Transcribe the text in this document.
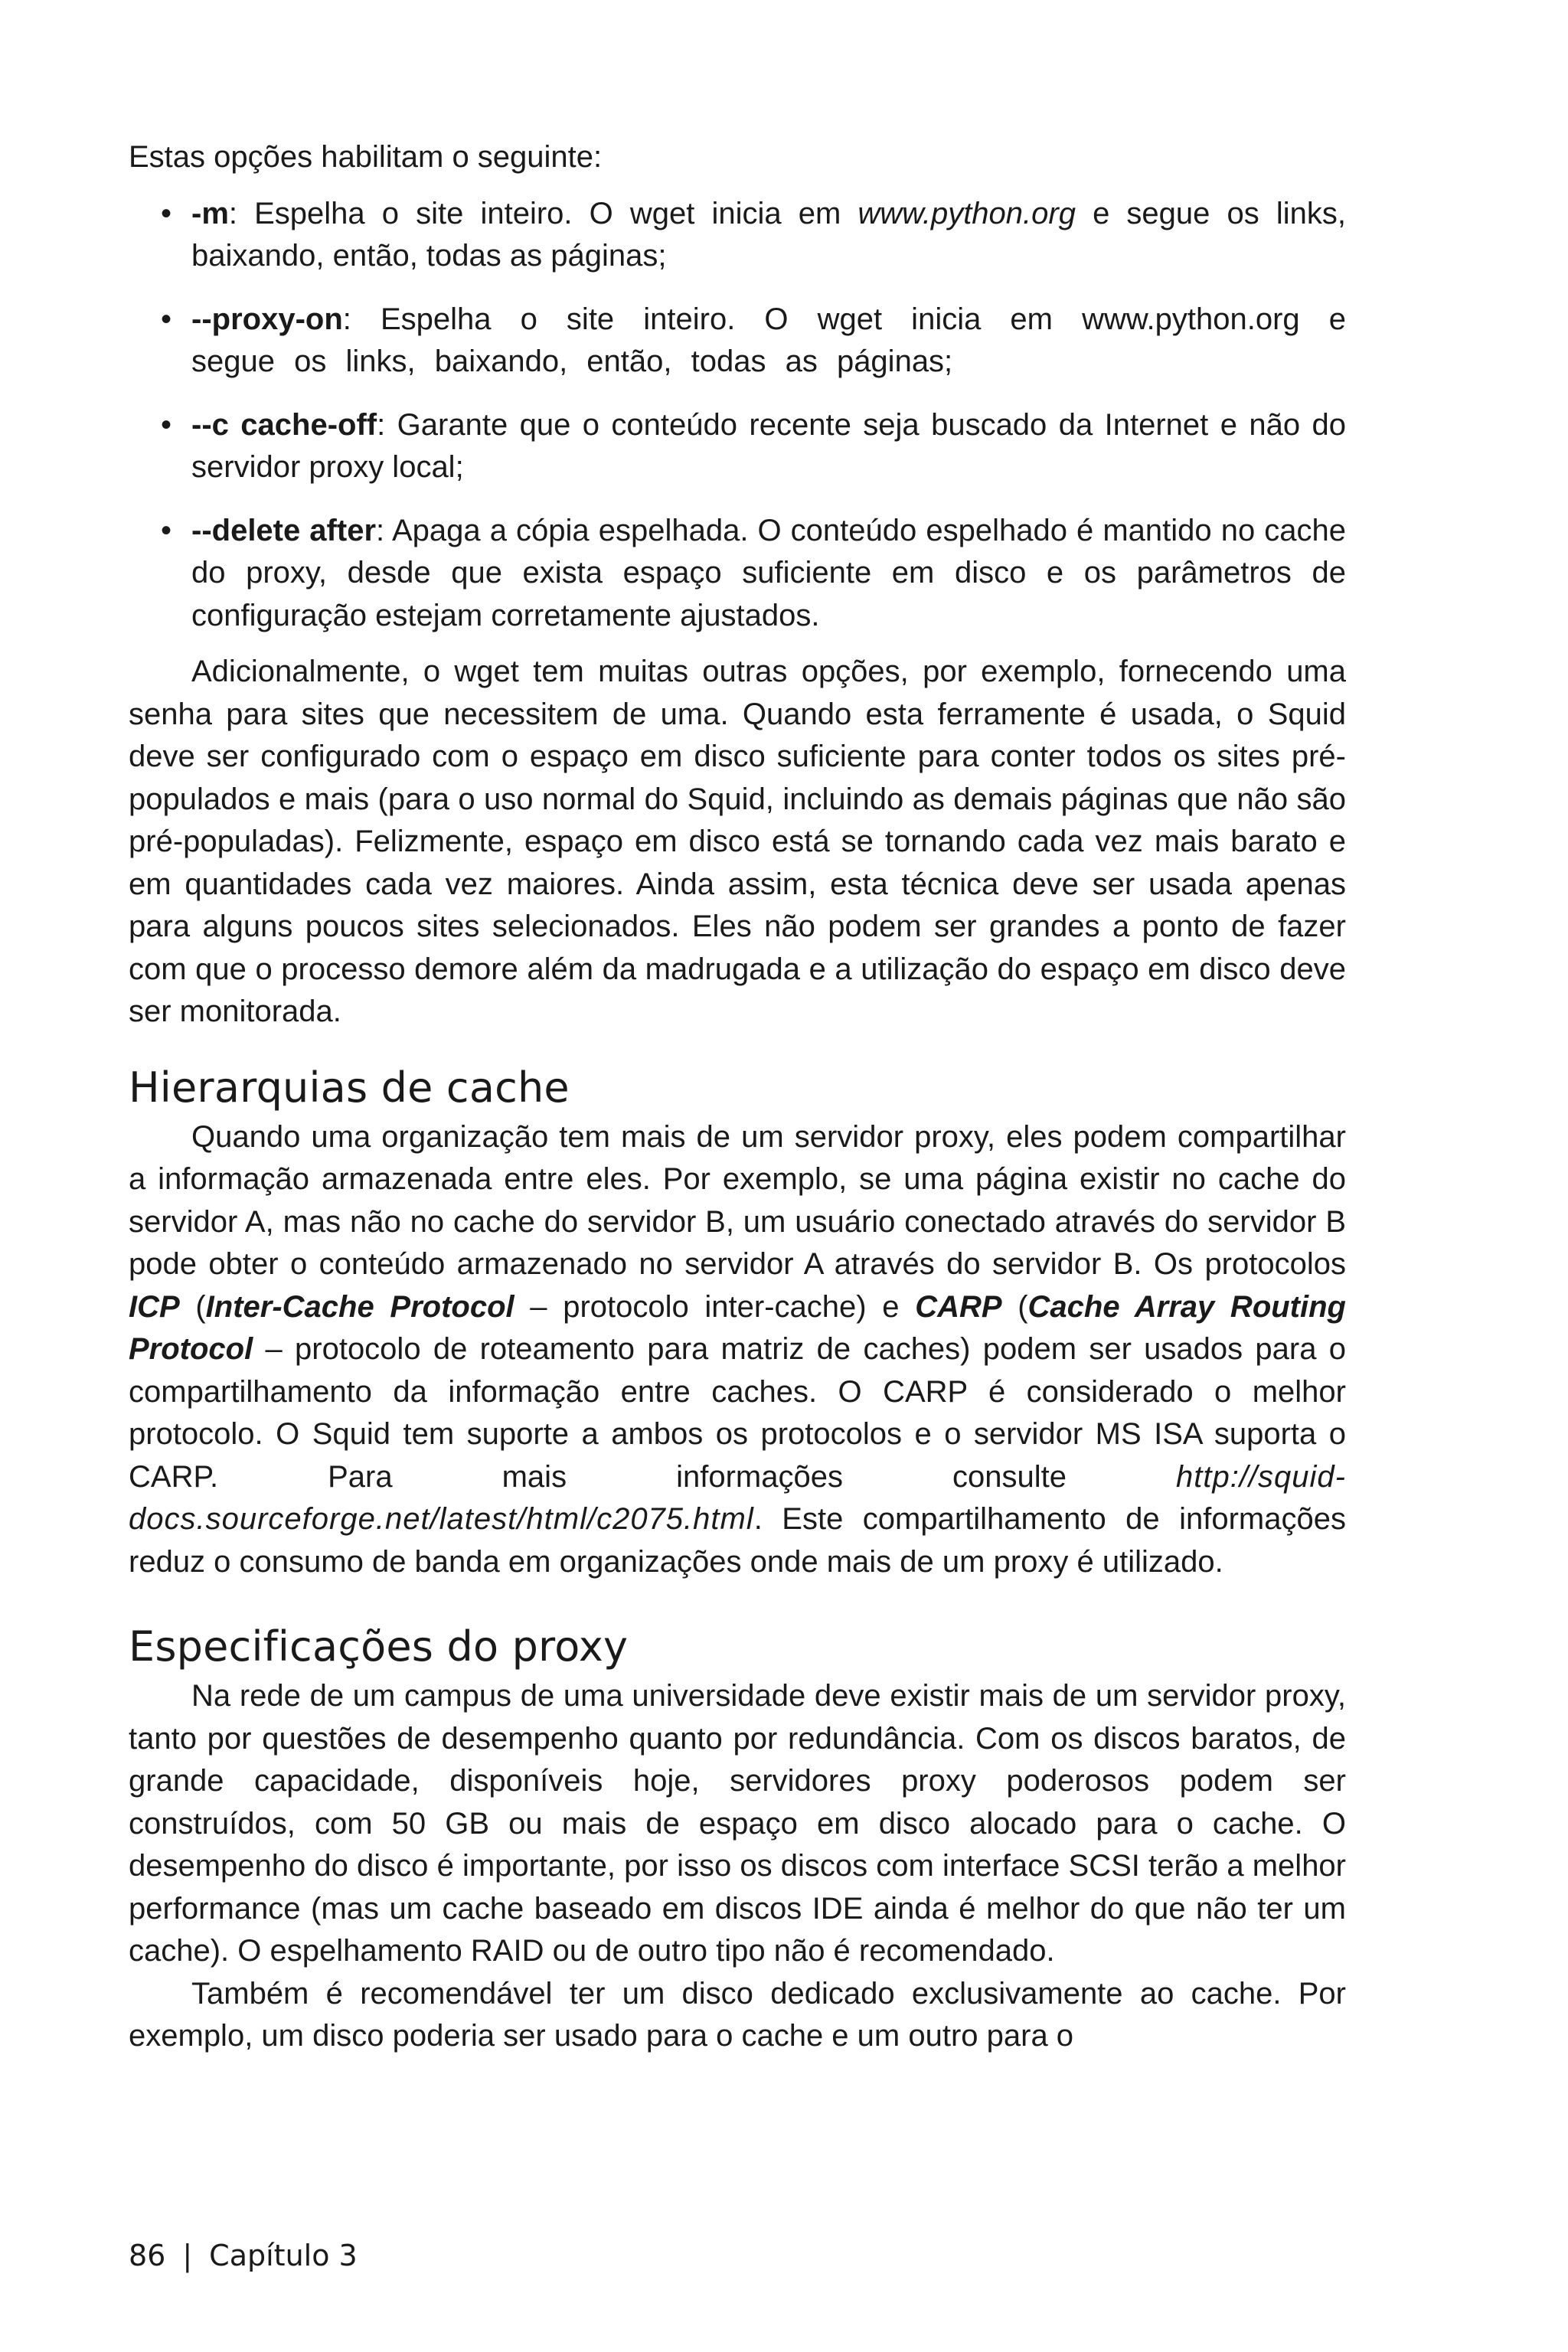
Estas opções habilitam o seguinte:

• -m: Espelha o site inteiro. O wget inicia em www.python.org e segue os links, baixando, então, todas as páginas;
• --proxy-on: Espelha o site inteiro. O wget inicia em www.python.org e segue os links, baixando, então, todas as páginas;
• --c cache-off: Garante que o conteúdo recente seja buscado da Internet e não do servidor proxy local;
• --delete after: Apaga a cópia espelhada. O conteúdo espelhado é mantido no cache do proxy, desde que exista espaço suficiente em disco e os parâmetros de configuração estejam corretamente ajustados.

Adicionalmente, o wget tem muitas outras opções, por exemplo, fornecendo uma senha para sites que necessitem de uma. Quando esta ferramente é usada, o Squid deve ser configurado com o espaço em disco suficiente para conter todos os sites pré-populados e mais (para o uso normal do Squid, incluindo as demais páginas que não são pré-populadas). Felizmente, espaço em disco está se tornando cada vez mais barato e em quantidades cada vez maiores. Ainda assim, esta técnica deve ser usada apenas para alguns poucos sites selecionados. Eles não podem ser grandes a ponto de fazer com que o processo demore além da madrugada e a utilização do espaço em disco deve ser monitorada.

Hierarquias de cache

Quando uma organização tem mais de um servidor proxy, eles podem compartilhar a informação armazenada entre eles. Por exemplo, se uma página existir no cache do servidor A, mas não no cache do servidor B, um usuário conectado através do servidor B pode obter o conteúdo armazenado no servidor A através do servidor B. Os protocolos ICP (Inter-Cache Protocol – protocolo inter-cache) e CARP (Cache Array Routing Protocol – protocolo de roteamento para matriz de caches) podem ser usados para o compartilhamento da informação entre caches. O CARP é considerado o melhor protocolo. O Squid tem suporte a ambos os protocolos e o servidor MS ISA suporta o CARP. Para mais informações consulte http://squid-docs.sourceforge.net/latest/html/c2075.html. Este compartilhamento de informações reduz o consumo de banda em organizações onde mais de um proxy é utilizado.

Especificações do proxy

Na rede de um campus de uma universidade deve existir mais de um servidor proxy, tanto por questões de desempenho quanto por redundância. Com os discos baratos, de grande capacidade, disponíveis hoje, servidores proxy poderosos podem ser construídos, com 50 GB ou mais de espaço em disco alocado para o cache. O desempenho do disco é importante, por isso os discos com interface SCSI terão a melhor performance (mas um cache baseado em discos IDE ainda é melhor do que não ter um cache). O espelhamento RAID ou de outro tipo não é recomendado.

Também é recomendável ter um disco dedicado exclusivamente ao cache. Por exemplo, um disco poderia ser usado para o cache e um outro para o

86 | Capítulo 3
